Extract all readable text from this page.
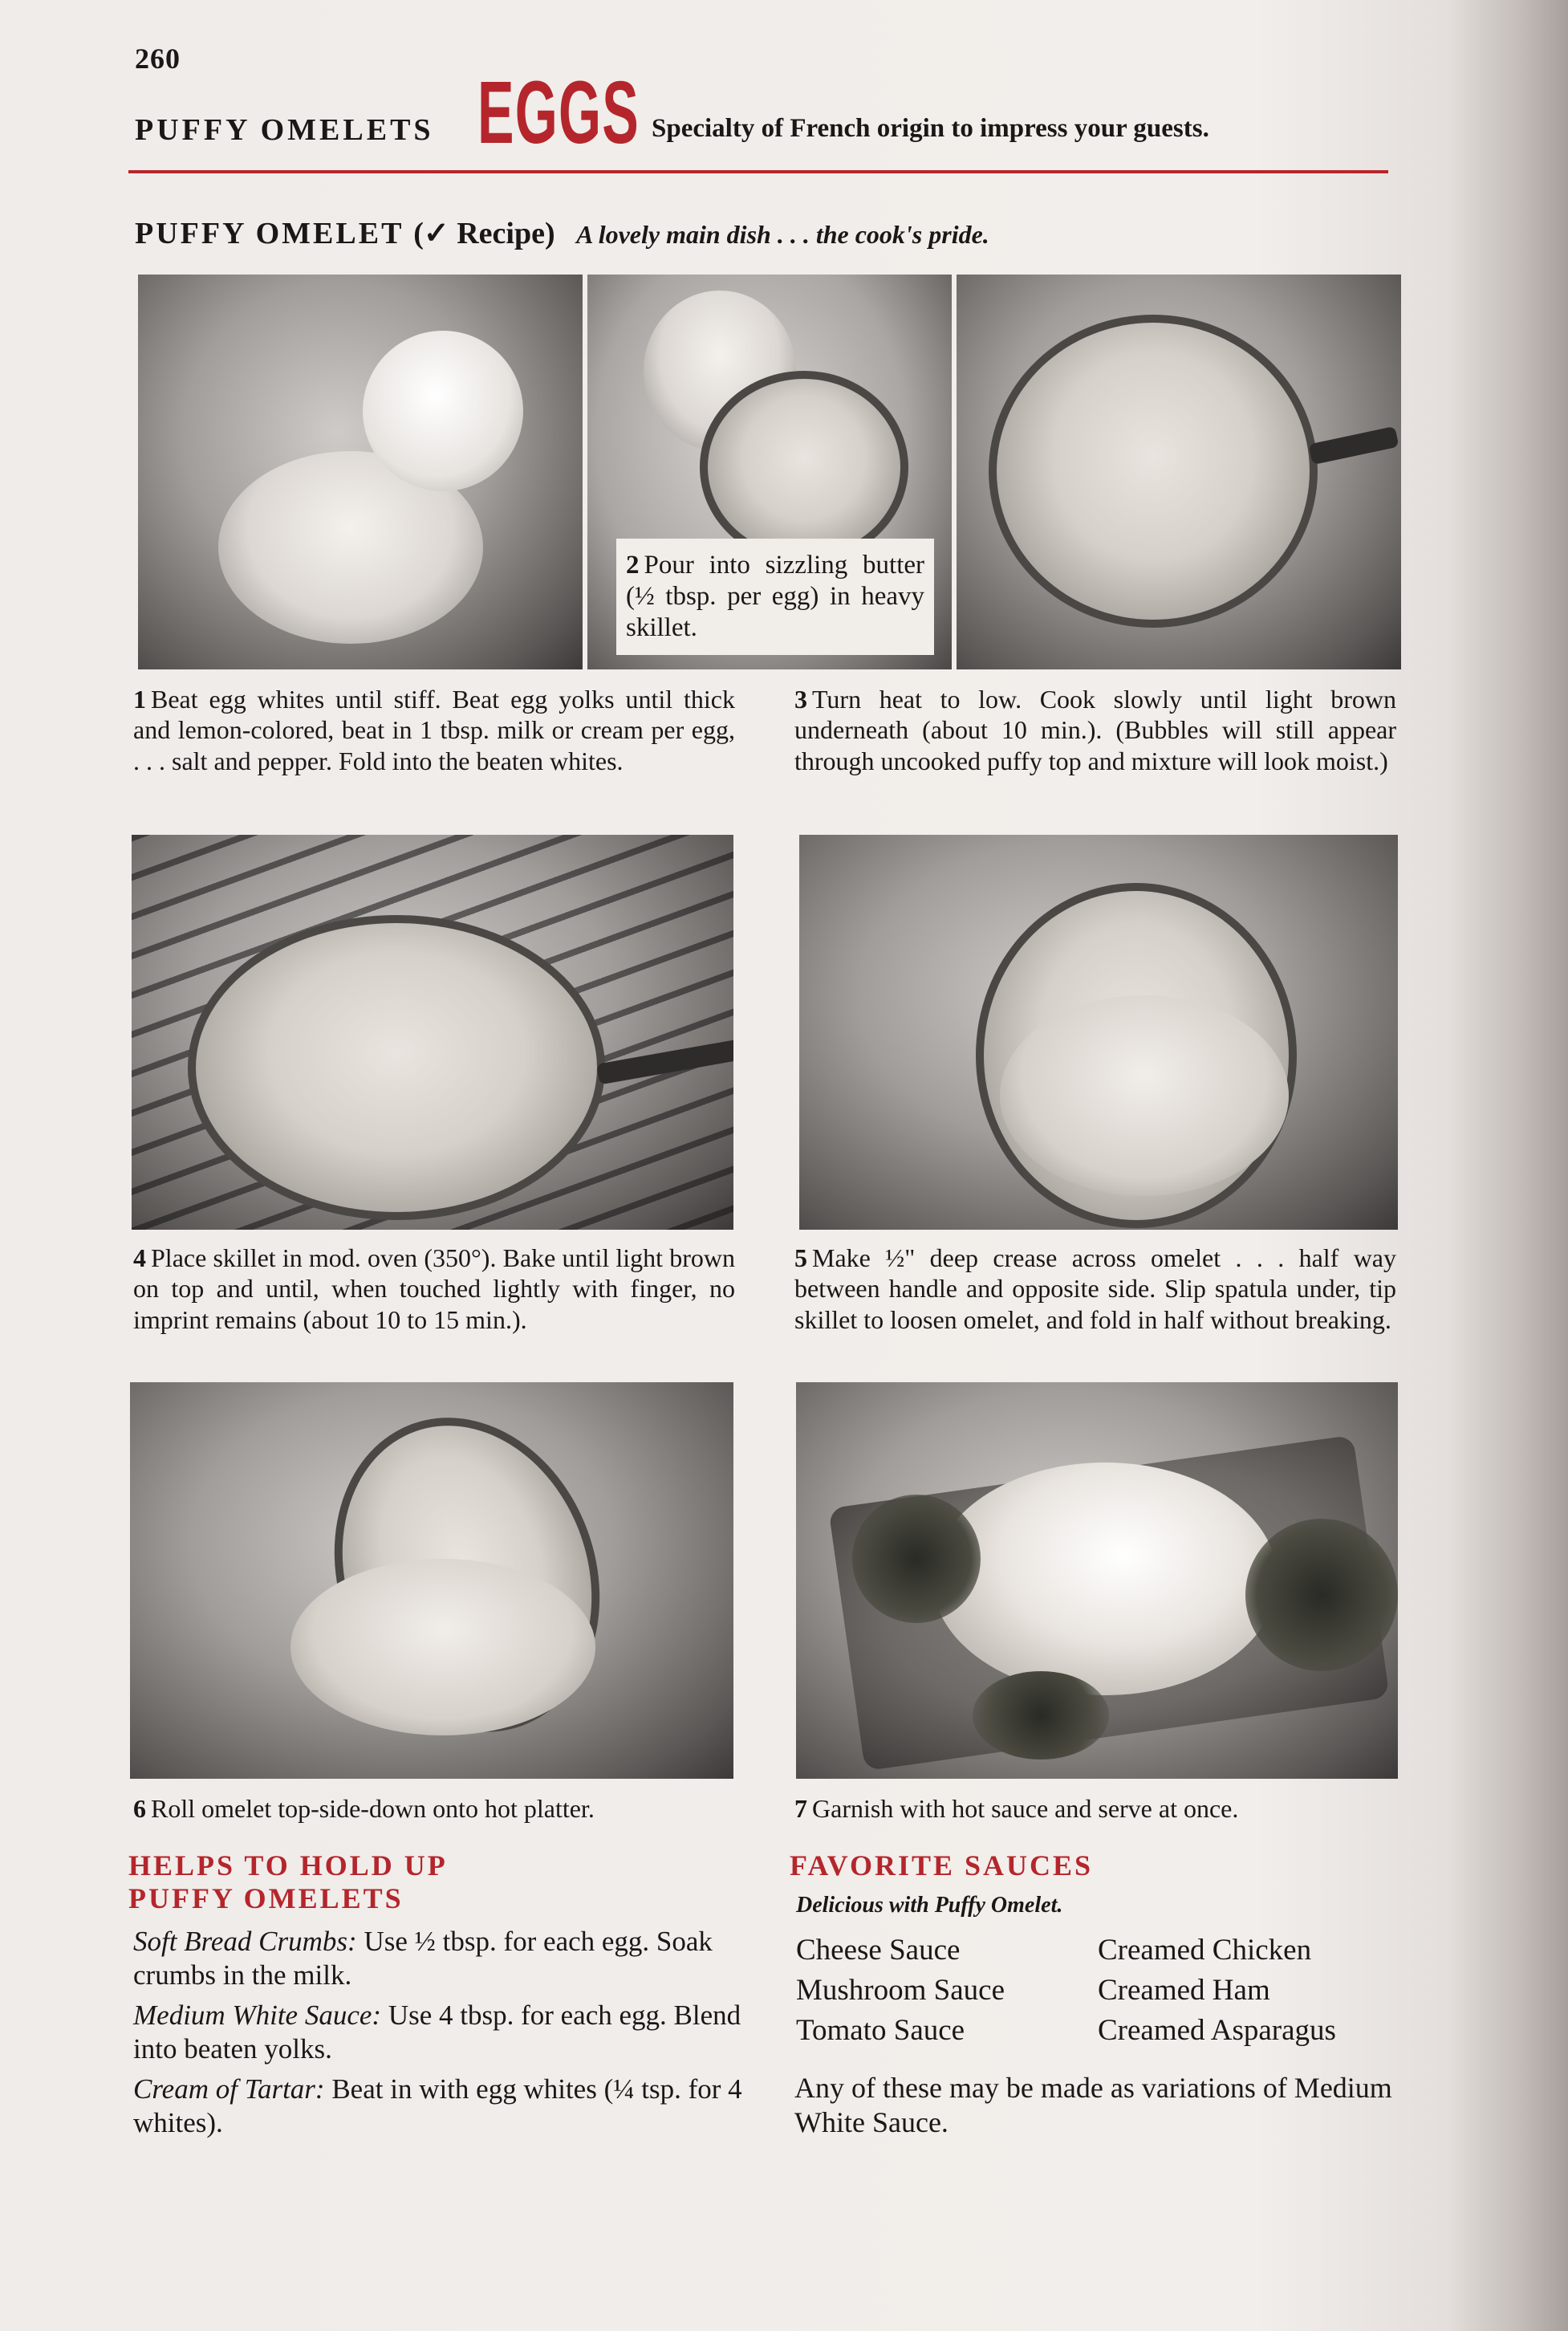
260
PUFFY OMELETS EGGS Specialty of French origin to impress your guests.
PUFFY OMELET (✓ Recipe) A lovely main dish . . . the cook's pride.
2 Pour into sizzling butter (½ tbsp. per egg) in heavy skillet.
1 Beat egg whites until stiff. Beat egg yolks until thick and lemon-colored, beat in 1 tbsp. milk or cream per egg, . . . salt and pepper. Fold into the beaten whites.
3 Turn heat to low. Cook slowly until light brown underneath (about 10 min.). (Bubbles will still appear through uncooked puffy top and mixture will look moist.)
4 Place skillet in mod. oven (350°). Bake until light brown on top and until, when touched lightly with finger, no imprint remains (about 10 to 15 min.).
5 Make ½" deep crease across omelet . . . half way between handle and opposite side. Slip spatula under, tip skillet to loosen omelet, and fold in half without breaking.
6 Roll omelet top-side-down onto hot platter.	7 Garnish with hot sauce and serve at once.
HELPS TO HOLD UP
PUFFY OMELETS
Soft Bread Crumbs: Use ½ tbsp. for each egg. Soak crumbs in the milk.
Medium White Sauce: Use 4 tbsp. for each egg. Blend into beaten yolks.
Cream of Tartar: Beat in with egg whites (¼ tsp. for 4 whites).
FAVORITE SAUCES
Delicious with Puffy Omelet.
Cheese Sauce
Mushroom Sauce
Tomato Sauce
Creamed Chicken
Creamed Ham
Creamed Asparagus
Any of these may be made as variations of Medium White Sauce.
